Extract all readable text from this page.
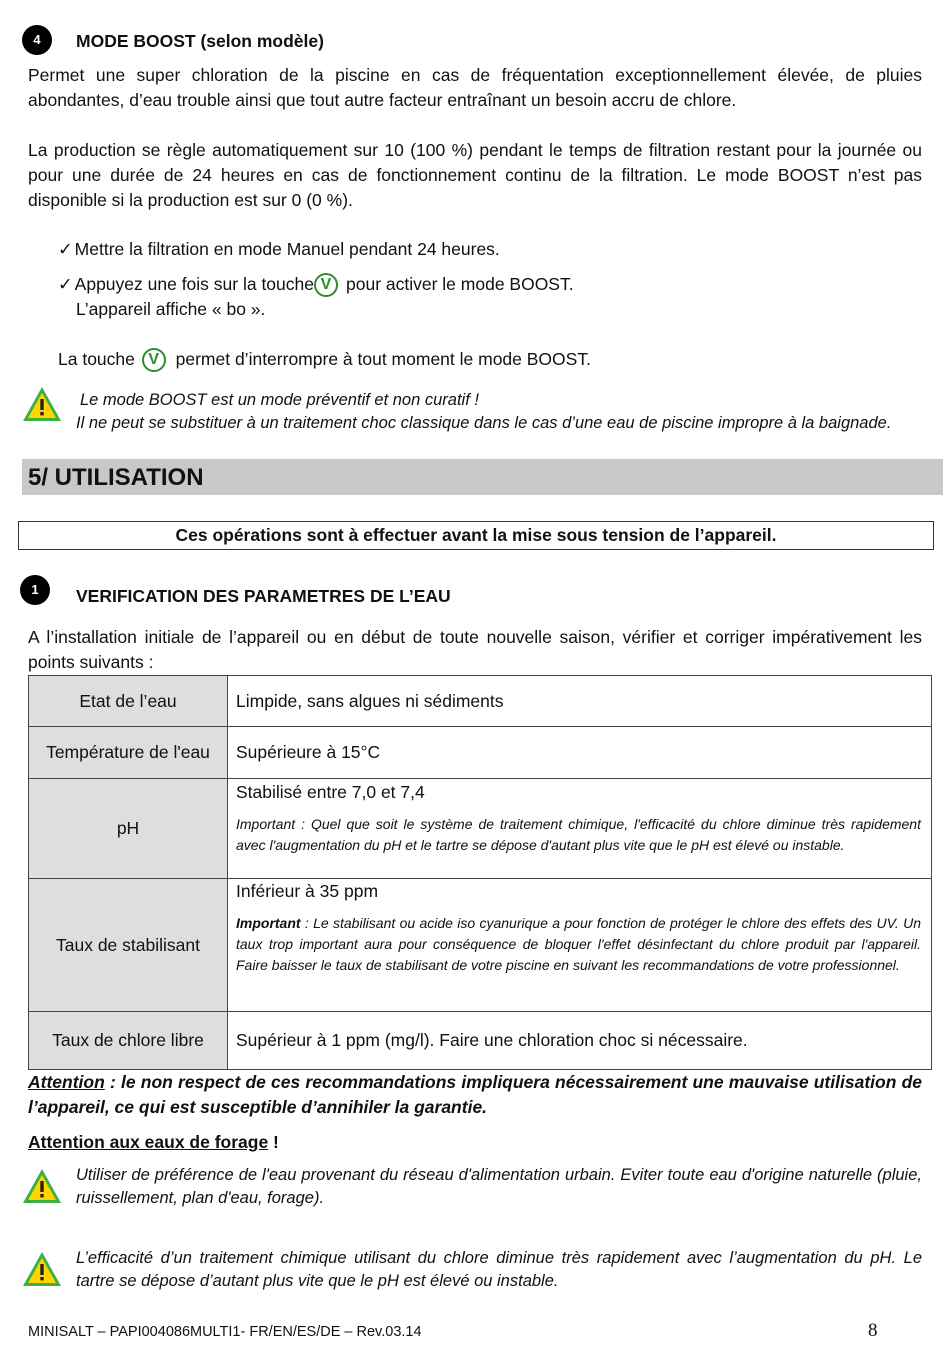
4	MODE BOOST (selon modèle)
Permet une super chloration de la piscine en cas de fréquentation exceptionnellement élevée, de pluies abondantes, d’eau trouble ainsi que tout autre facteur entraînant un besoin accru de chlore.
La production se règle automatiquement sur 10 (100 %) pendant le temps de filtration restant pour la journée ou pour une durée de 24 heures en cas de fonctionnement continu de la filtration. Le mode BOOST n’est pas disponible si la production est sur 0 (0 %).
✓ Mettre la filtration en mode Manuel pendant 24 heures.
✓ Appuyez une fois sur la touche V pour activer le mode BOOST.
L’appareil affiche « bo ».
La touche V permet d’interrompre à tout moment le mode BOOST.
Le mode BOOST est un mode préventif et non curatif !
Il ne peut se substituer à un traitement choc classique dans le cas d’une eau de piscine impropre à la baignade.
5/ UTILISATION
Ces opérations sont à effectuer avant la mise sous tension de l’appareil.
1	VERIFICATION DES PARAMETRES DE L’EAU
A l’installation initiale de l’appareil ou en début de toute nouvelle saison, vérifier et corriger impérativement les points suivants :
Etat de l’eau	Limpide, sans algues ni sédiments
Température de l'eau	Supérieure à 15°C
pH	Stabilisé entre 7,0 et 7,4
Important : Quel que soit le système de traitement chimique, l'efficacité du chlore diminue très rapidement avec l'augmentation du pH et le tartre se dépose d'autant plus vite que le pH est élevé ou instable.

Taux de stabilisant	Inférieur à 35 ppm
Important : Le stabilisant ou acide iso cyanurique a pour fonction de protéger le chlore des effets des UV. Un taux trop important aura pour conséquence de bloquer l'effet désinfectant du chlore produit par l'appareil. Faire baisser le taux de stabilisant de votre piscine en suivant les recommandations de votre professionnel.

Taux de chlore libre	Supérieur à 1 ppm (mg/l). Faire une chloration choc si nécessaire.
Attention : le non respect de ces recommandations impliquera nécessairement une mauvaise utilisation de l’appareil, ce qui est susceptible d’annihiler la garantie.
Attention aux eaux de forage !
Utiliser de préférence de l'eau provenant du réseau d'alimentation urbain. Eviter toute eau d'origine naturelle (pluie, ruissellement, plan d'eau, forage).
L’efficacité d’un traitement chimique utilisant du chlore diminue très rapidement avec l’augmentation du pH. Le tartre se dépose d’autant plus vite que le pH est élevé ou instable.
MINISALT – PAPI004086MULTI1- FR/EN/ES/DE – Rev.03.14	8
